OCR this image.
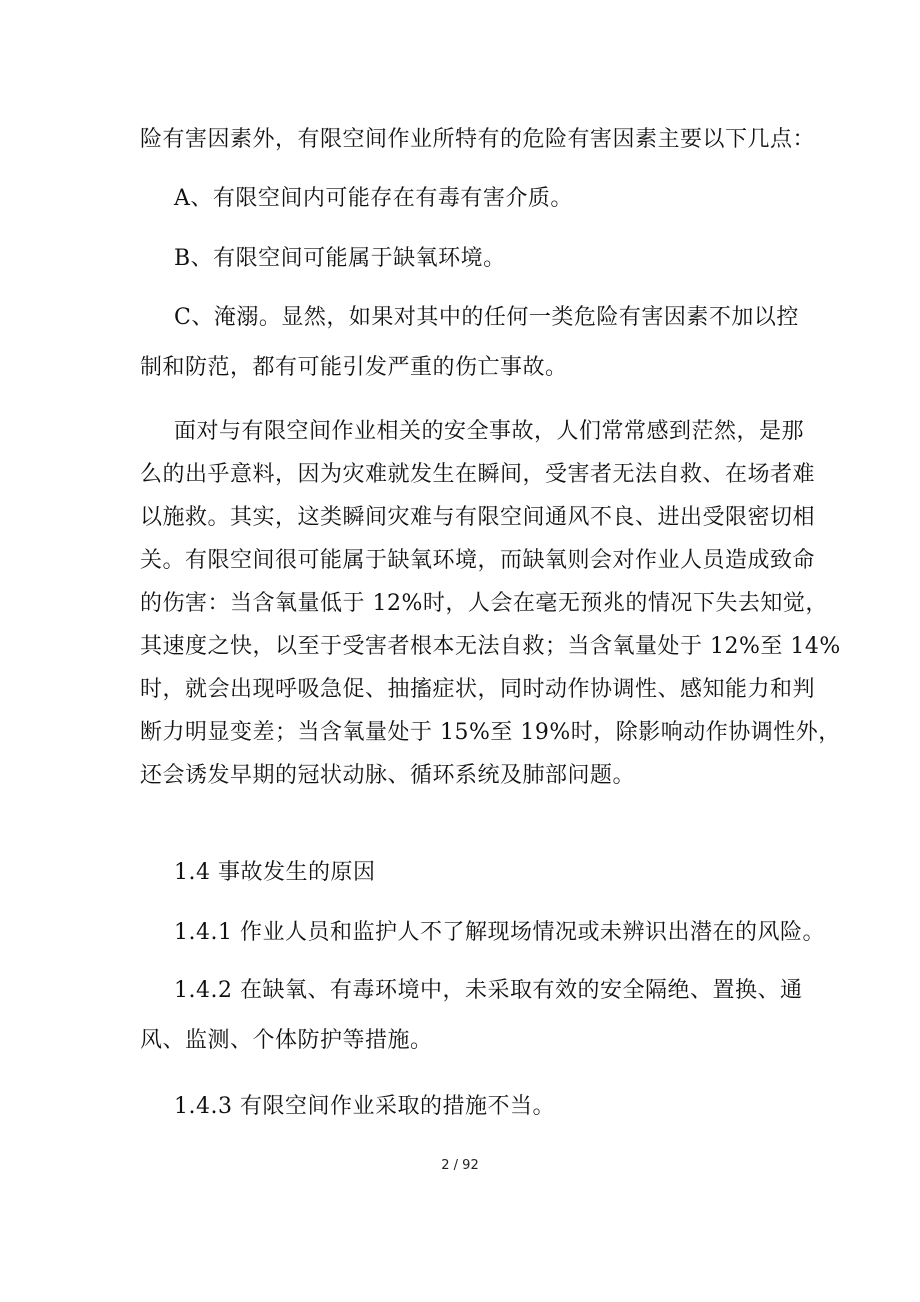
险有害因素外，有限空间作业所特有的危险有害因素主要以下几点：
A、有限空间内可能存在有毒有害介质。
B、有限空间可能属于缺氧环境。
C、淹溺。显然，如果对其中的任何一类危险有害因素不加以控
制和防范，都有可能引发严重的伤亡事故。
面对与有限空间作业相关的安全事故，人们常常感到茫然，是那
么的出乎意料，因为灾难就发生在瞬间，受害者无法自救、在场者难
以施救。其实，这类瞬间灾难与有限空间通风不良、进出受限密切相
关。有限空间很可能属于缺氧环境，而缺氧则会对作业人员造成致命
的伤害：当含氧量低于 12%时，人会在毫无预兆的情况下失去知觉，
其速度之快，以至于受害者根本无法自救；当含氧量处于 12%至 14%
时，就会出现呼吸急促、抽搐症状，同时动作协调性、感知能力和判
断力明显变差；当含氧量处于 15%至 19%时，除影响动作协调性外，
还会诱发早期的冠状动脉、循环系统及肺部问题。
1.4 事故发生的原因
1.4.1 作业人员和监护人不了解现场情况或未辨识出潜在的风险。
1.4.2 在缺氧、有毒环境中，未采取有效的安全隔绝、置换、通
风、监测、个体防护等措施。
1.4.3 有限空间作业采取的措施不当。
2 / 92
